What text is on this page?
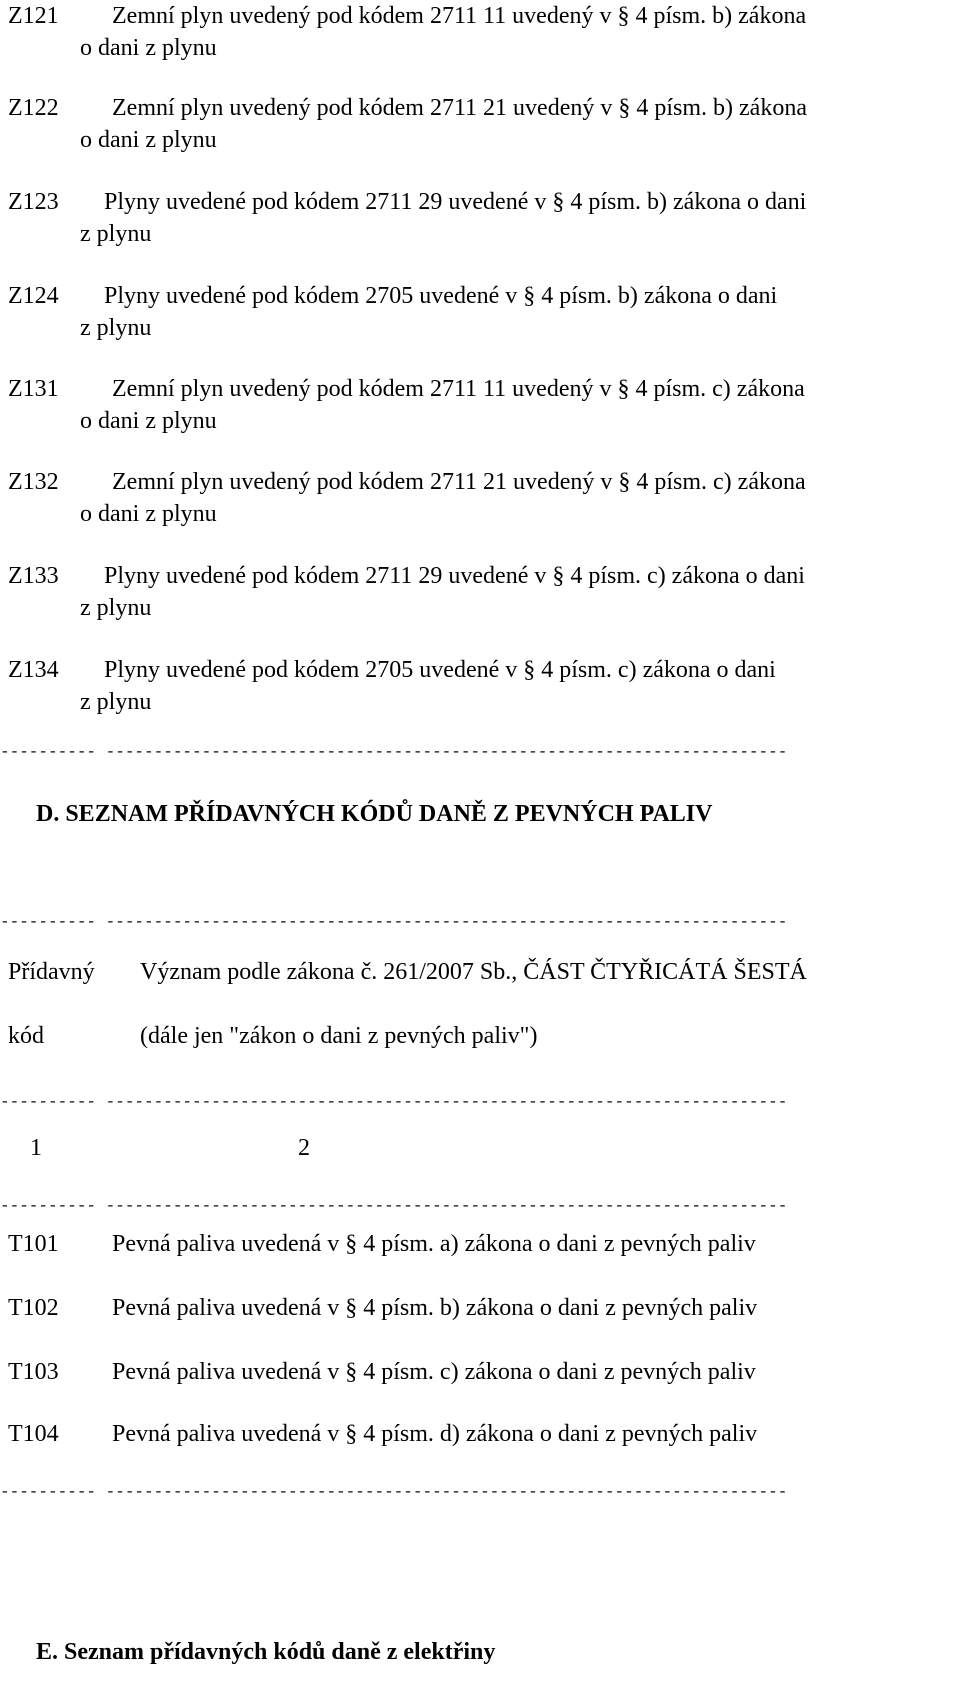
Z121 Zemní plyn uvedený pod kódem 2711 11 uvedený v § 4 písm. b) zákona
o dani z plynu
Z122 Zemní plyn uvedený pod kódem 2711 21 uvedený v § 4 písm. b) zákona
o dani z plynu
Z123 Plyny uvedené pod kódem 2711 29 uvedené v § 4 písm. b) zákona o dani
z plynu
Z124 Plyny uvedené pod kódem 2705 uvedené v § 4 písm. b) zákona o dani
z plynu
Z131 Zemní plyn uvedený pod kódem 2711 11 uvedený v § 4 písm. c) zákona
o dani z plynu
Z132 Zemní plyn uvedený pod kódem 2711 21 uvedený v § 4 písm. c) zákona
o dani z plynu
Z133 Plyny uvedené pod kódem 2711 29 uvedené v § 4 písm. c) zákona o dani
z plynu
Z134 Plyny uvedené pod kódem 2705 uvedené v § 4 písm. c) zákona o dani
z plynu
---------- -----------------------------------------------------------------------
D. SEZNAM PŘÍDAVNÝCH KÓDŮ DANĚ Z PEVNÝCH PALIV
---------- -----------------------------------------------------------------------
Přídavný Význam podle zákona č. 261/2007 Sb., ČÁST ČTYŘICÁTÁ ŠESTÁ
kód	(dále jen "zákon o dani z pevných paliv")
---------- -----------------------------------------------------------------------
1	2
---------- -----------------------------------------------------------------------
T101 Pevná paliva uvedená v § 4 písm. a) zákona o dani z pevných paliv
T102 Pevná paliva uvedená v § 4 písm. b) zákona o dani z pevných paliv
T103 Pevná paliva uvedená v § 4 písm. c) zákona o dani z pevných paliv
T104 Pevná paliva uvedená v § 4 písm. d) zákona o dani z pevných paliv
---------- -----------------------------------------------------------------------
E. Seznam přídavných kódů daně z elektřiny
